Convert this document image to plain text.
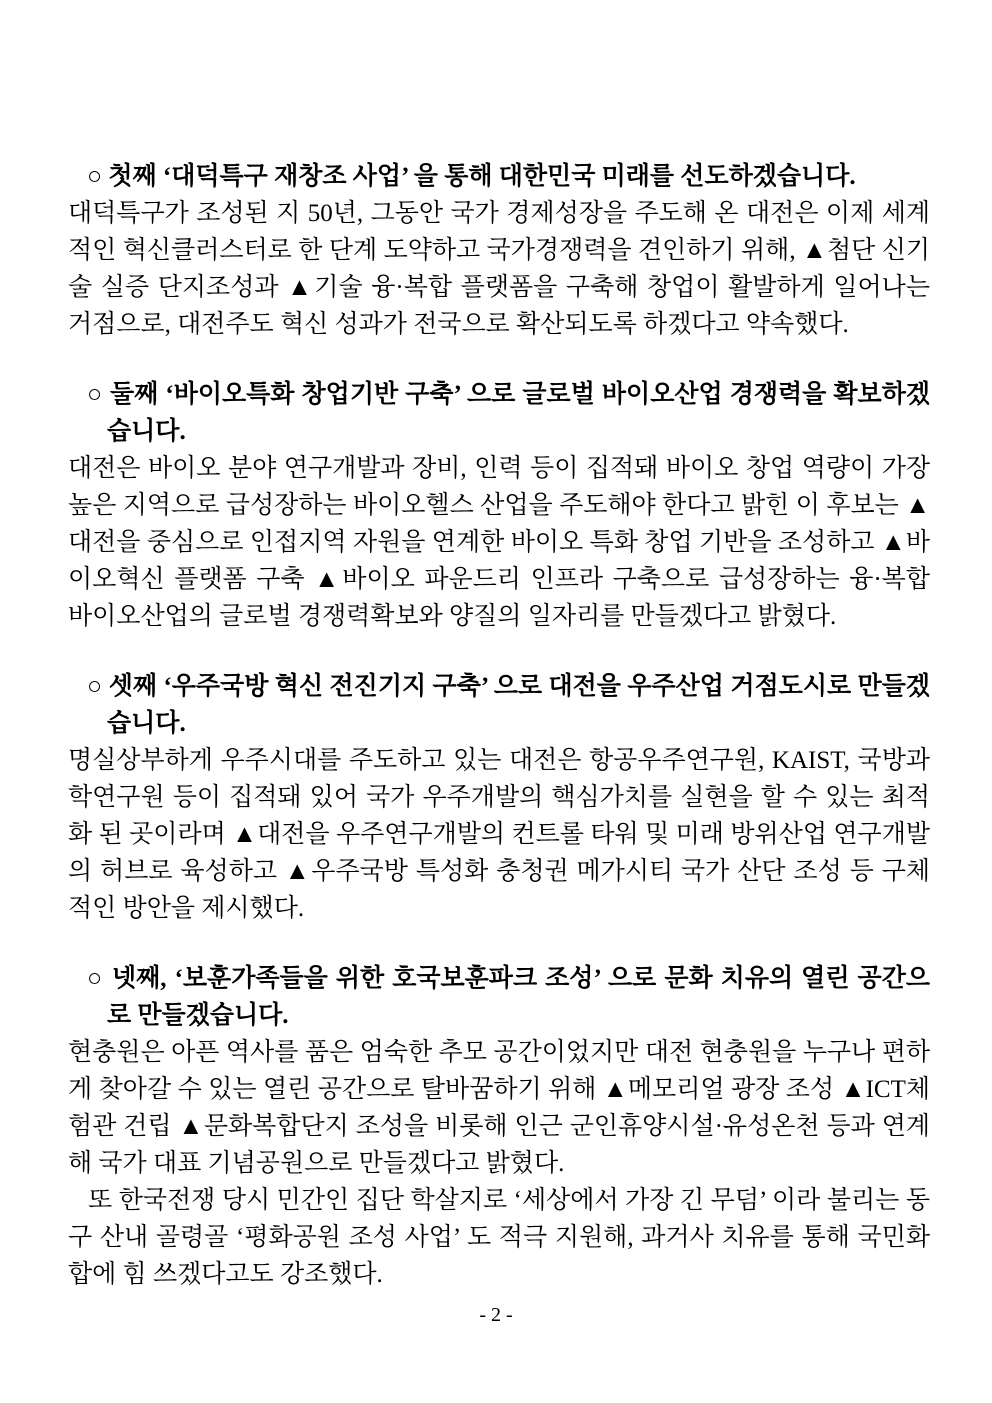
○ 첫째 ‘대덕특구 재창조 사업’ 을 통해 대한민국 미래를 선도하겠습니다.

대덕특구가 조성된 지 50년, 그동안 국가 경제성장을 주도해 온 대전은 이제 세계적인 혁신클러스터로 한 단계 도약하고 국가경쟁력을 견인하기 위해, ▲첨단 신기술 실증 단지조성과 ▲기술 융·복합 플랫폼을 구축해 창업이 활발하게 일어나는 거점으로, 대전주도 혁신 성과가 전국으로 확산되도록 하겠다고 약속했다.

○ 둘째 ‘바이오특화 창업기반 구축’ 으로 글로벌 바이오산업 경쟁력을 확보하겠습니다.

대전은 바이오 분야 연구개발과 장비, 인력 등이 집적돼 바이오 창업 역량이 가장 높은 지역으로 급성장하는 바이오헬스 산업을 주도해야 한다고 밝힌 이 후보는 ▲대전을 중심으로 인접지역 자원을 연계한 바이오 특화 창업 기반을 조성하고 ▲바이오혁신 플랫폼 구축 ▲바이오 파운드리 인프라 구축으로 급성장하는 융·복합 바이오산업의 글로벌 경쟁력확보와 양질의 일자리를 만들겠다고 밝혔다.

○ 셋째 ‘우주국방 혁신 전진기지 구축’ 으로 대전을 우주산업 거점도시로 만들겠습니다.

명실상부하게 우주시대를 주도하고 있는 대전은 항공우주연구원, KAIST, 국방과학연구원 등이 집적돼 있어 국가 우주개발의 핵심가치를 실현을 할 수 있는 최적화 된 곳이라며 ▲대전을 우주연구개발의 컨트롤 타워 및 미래 방위산업 연구개발의 허브로 육성하고 ▲우주국방 특성화 충청권 메가시티 국가 산단 조성 등 구체적인 방안을 제시했다.

○ 넷째, ‘보훈가족들을 위한 호국보훈파크 조성’ 으로 문화 치유의 열린 공간으로 만들겠습니다.

현충원은 아픈 역사를 품은 엄숙한 추모 공간이었지만 대전 현충원을 누구나 편하게 찾아갈 수 있는 열린 공간으로 탈바꿈하기 위해 ▲메모리얼 광장 조성 ▲ICT체험관 건립 ▲문화복합단지 조성을 비롯해 인근 군인휴양시설·유성온천 등과 연계해 국가 대표 기념공원으로 만들겠다고 밝혔다.

또 한국전쟁 당시 민간인 집단 학살지로 ‘세상에서 가장 긴 무덤’ 이라 불리는 동구 산내 골령골 ‘평화공원 조성 사업’ 도 적극 지원해, 과거사 치유를 통해 국민화합에 힘 쓰겠다고도 강조했다.

- 2 -
